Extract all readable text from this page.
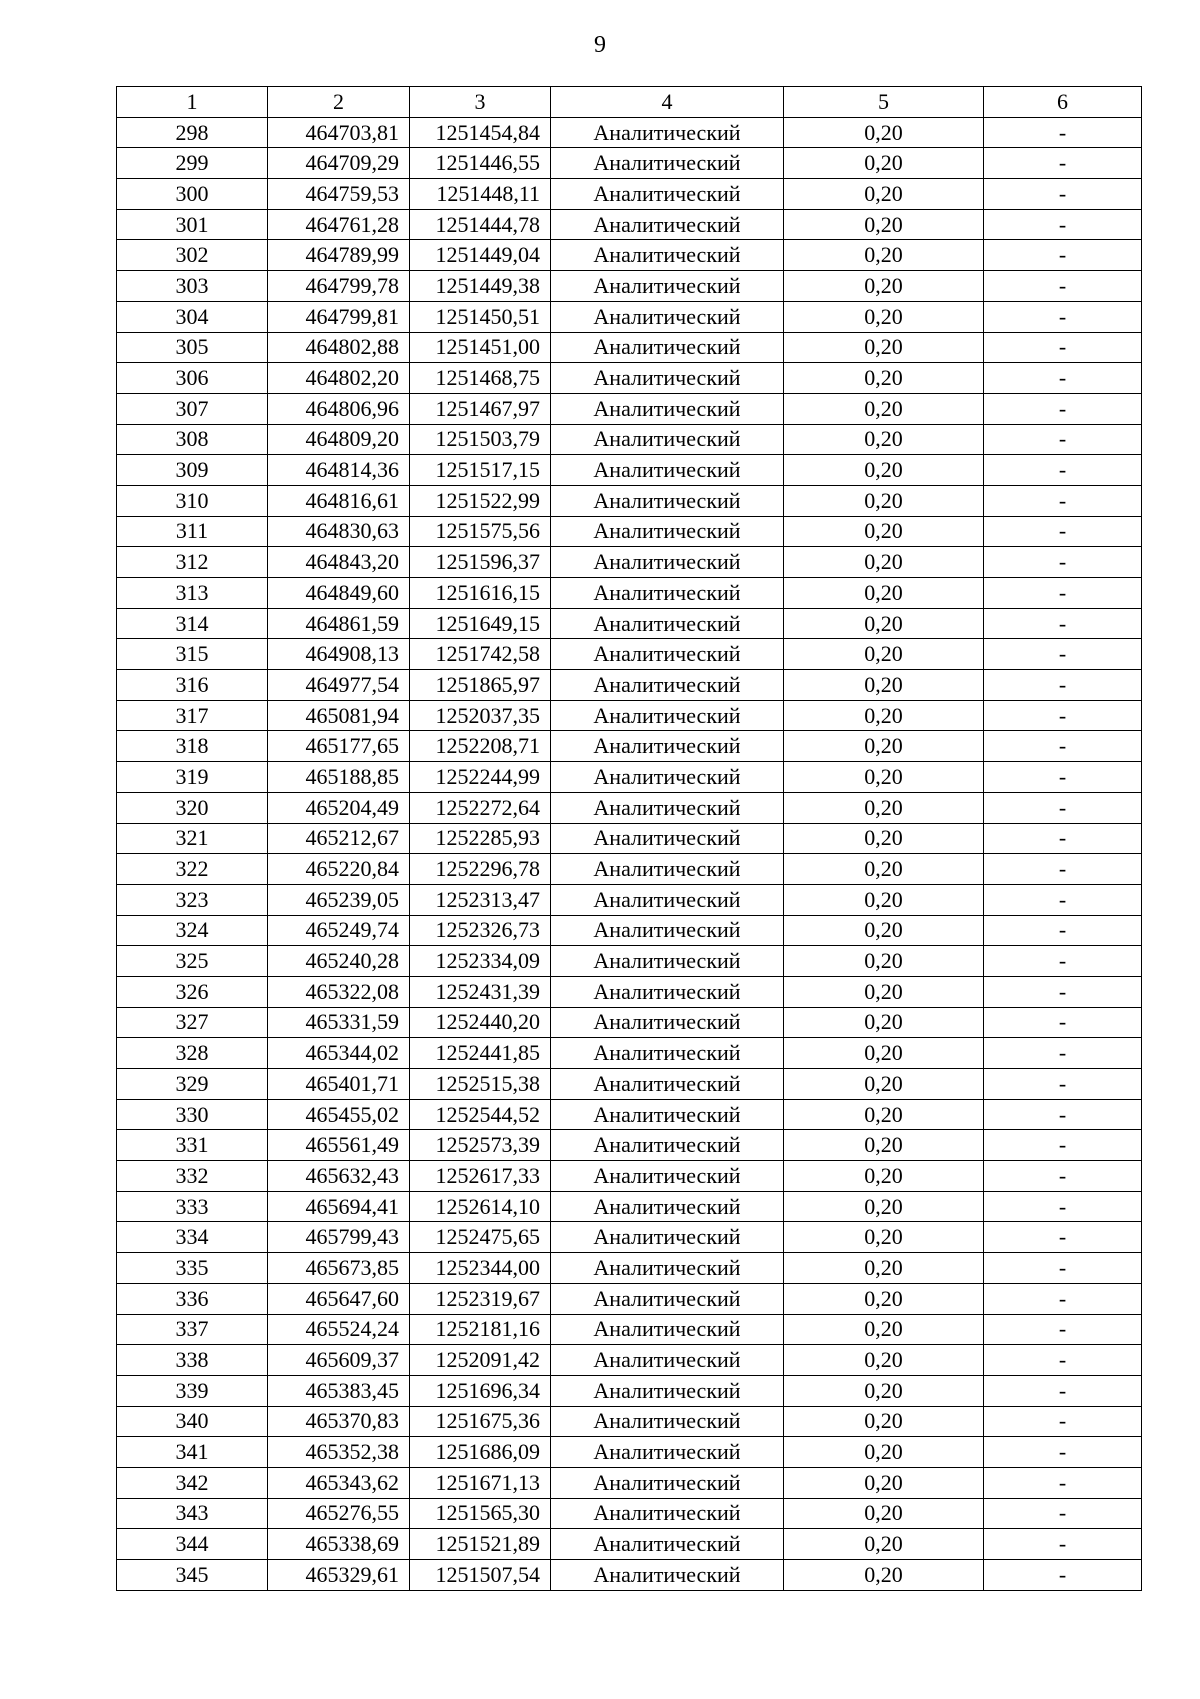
9
1	2	3	4	5	6
298	464703,81	1251454,84	Аналитический	0,20	-
299	464709,29	1251446,55	Аналитический	0,20	-
300	464759,53	1251448,11	Аналитический	0,20	-
301	464761,28	1251444,78	Аналитический	0,20	-
302	464789,99	1251449,04	Аналитический	0,20	-
303	464799,78	1251449,38	Аналитический	0,20	-
304	464799,81	1251450,51	Аналитический	0,20	-
305	464802,88	1251451,00	Аналитический	0,20	-
306	464802,20	1251468,75	Аналитический	0,20	-
307	464806,96	1251467,97	Аналитический	0,20	-
308	464809,20	1251503,79	Аналитический	0,20	-
309	464814,36	1251517,15	Аналитический	0,20	-
310	464816,61	1251522,99	Аналитический	0,20	-
311	464830,63	1251575,56	Аналитический	0,20	-
312	464843,20	1251596,37	Аналитический	0,20	-
313	464849,60	1251616,15	Аналитический	0,20	-
314	464861,59	1251649,15	Аналитический	0,20	-
315	464908,13	1251742,58	Аналитический	0,20	-
316	464977,54	1251865,97	Аналитический	0,20	-
317	465081,94	1252037,35	Аналитический	0,20	-
318	465177,65	1252208,71	Аналитический	0,20	-
319	465188,85	1252244,99	Аналитический	0,20	-
320	465204,49	1252272,64	Аналитический	0,20	-
321	465212,67	1252285,93	Аналитический	0,20	-
322	465220,84	1252296,78	Аналитический	0,20	-
323	465239,05	1252313,47	Аналитический	0,20	-
324	465249,74	1252326,73	Аналитический	0,20	-
325	465240,28	1252334,09	Аналитический	0,20	-
326	465322,08	1252431,39	Аналитический	0,20	-
327	465331,59	1252440,20	Аналитический	0,20	-
328	465344,02	1252441,85	Аналитический	0,20	-
329	465401,71	1252515,38	Аналитический	0,20	-
330	465455,02	1252544,52	Аналитический	0,20	-
331	465561,49	1252573,39	Аналитический	0,20	-
332	465632,43	1252617,33	Аналитический	0,20	-
333	465694,41	1252614,10	Аналитический	0,20	-
334	465799,43	1252475,65	Аналитический	0,20	-
335	465673,85	1252344,00	Аналитический	0,20	-
336	465647,60	1252319,67	Аналитический	0,20	-
337	465524,24	1252181,16	Аналитический	0,20	-
338	465609,37	1252091,42	Аналитический	0,20	-
339	465383,45	1251696,34	Аналитический	0,20	-
340	465370,83	1251675,36	Аналитический	0,20	-
341	465352,38	1251686,09	Аналитический	0,20	-
342	465343,62	1251671,13	Аналитический	0,20	-
343	465276,55	1251565,30	Аналитический	0,20	-
344	465338,69	1251521,89	Аналитический	0,20	-
345	465329,61	1251507,54	Аналитический	0,20	-
